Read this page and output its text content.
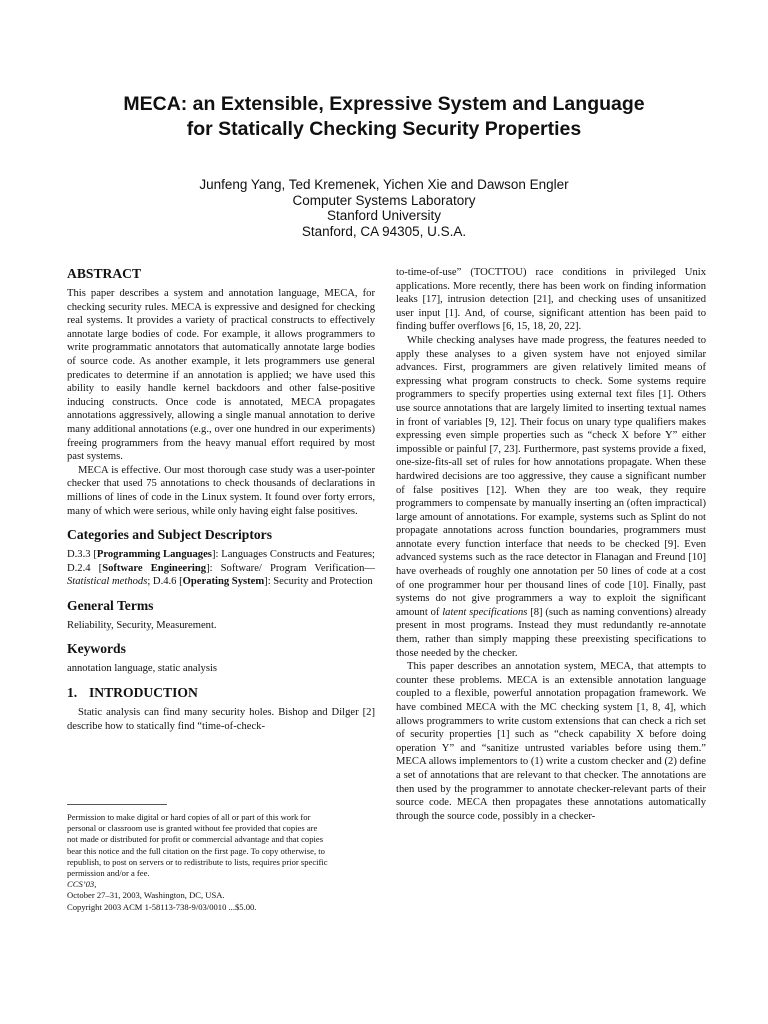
MECA: an Extensible, Expressive System and Language
for Statically Checking Security Properties
Junfeng Yang, Ted Kremenek, Yichen Xie and Dawson Engler
Computer Systems Laboratory
Stanford University
Stanford, CA 94305, U.S.A.
ABSTRACT

This paper describes a system and annotation language, MECA, for checking security rules. MECA is expressive and designed for checking real systems. It provides a variety of practical constructs to effectively annotate large bodies of code. For example, it allows programmers to write programmatic annotators that automatically annotate large bodies of source code. As another example, it lets programmers use general predicates to determine if an annotation is applied; we have used this ability to easily handle kernel backdoors and other false-positive inducing constructs. Once code is annotated, MECA propagates annotations aggressively, allowing a single manual annotation to derive many additional annotations (e.g., over one hundred in our experiments) freeing programmers from the heavy manual effort required by most past systems.

MECA is effective. Our most thorough case study was a user-pointer checker that used 75 annotations to check thousands of declarations in millions of lines of code in the Linux system. It found over forty errors, many of which were serious, while only having eight false positives.

Categories and Subject Descriptors

D.3.3 [Programming Languages]: Languages Constructs and Features; D.2.4 [Software Engineering]: Software/ Program Verification—Statistical methods; D.4.6 [Operating System]: Security and Protection

General Terms

Reliability, Security, Measurement.

Keywords

annotation language, static analysis

1. INTRODUCTION

Static analysis can find many security holes. Bishop and Dilger [2] describe how to statically find “time-of-check-

Permission to make digital or hard copies of all or part of this work for
personal or classroom use is granted without fee provided that copies are
not made or distributed for profit or commercial advantage and that copies
bear this notice and the full citation on the first page. To copy otherwise, to
republish, to post on servers or to redistribute to lists, requires prior specific
permission and/or a fee.
CCS’03,
October 27–31, 2003, Washington, DC, USA.
Copyright 2003 ACM 1-58113-738-9/03/0010 ...$5.00.

to-time-of-use” (TOCTTOU) race conditions in privileged Unix applications. More recently, there has been work on finding information leaks [17], intrusion detection [21], and checking uses of unsanitized user input [1]. And, of course, significant attention has been paid to finding buffer overflows [6, 15, 18, 20, 22].

While checking analyses have made progress, the features needed to apply these analyses to a given system have not enjoyed similar advances. First, programmers are given relatively limited means of expressing what program constructs to check. Some systems require programmers to specify properties using external text files [1]. Others use source annotations that are largely limited to inserting textual names in front of variables [9, 12]. Their focus on unary type qualifiers makes expressing even simple properties such as “check X before Y” either impossible or painful [7, 23]. Furthermore, past systems provide a fixed, one-size-fits-all set of rules for how annotations propagate. When these hardwired decisions are too aggressive, they cause a significant number of false positives [12]. When they are too weak, they require programmers to compensate by manually inserting an (often impractical) large amount of annotations. For example, systems such as Splint do not propagate annotations across function boundaries, programmers must annotate every function interface that needs to be checked [9]. Even advanced systems such as the race detector in Flanagan and Freund [10] have overheads of roughly one annotation per 50 lines of code at a cost of one programmer hour per thousand lines of code [10]. Finally, past systems do not give programmers a way to exploit the significant amount of latent specifications [8] (such as naming conventions) already present in most programs. Instead they must redundantly re-annotate them, rather than simply mapping these preexisting specifications to those needed by the checker.

This paper describes an annotation system, MECA, that attempts to counter these problems. MECA is an extensible annotation language coupled to a flexible, powerful annotation propagation framework. We have combined MECA with the MC checking system [1, 8, 4], which allows programmers to write custom extensions that can check a rich set of security properties [1] such as “check capability X before doing operation Y” and “sanitize untrusted variables before using them.” MECA allows implementors to (1) write a custom checker and (2) define a set of annotations that are relevant to that checker. The annotations are then used by the programmer to annotate checker-relevant parts of their source code. MECA then propagates these annotations automatically through the source code, possibly in a checker-
